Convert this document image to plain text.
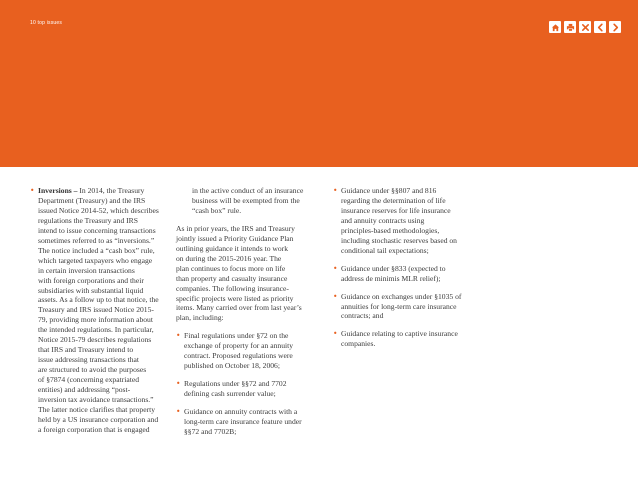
10 top issues
• Inversions – In 2014, the Treasury
Department (Treasury) and the IRS
issued Notice 2014-52, which describes
regulations the Treasury and IRS
intend to issue concerning transactions
sometimes referred to as “inversions.”
The notice included a “cash box” rule,
which targeted taxpayers who engage
in certain inversion transactions
with foreign corporations and their
subsidiaries with substantial liquid
assets. As a follow up to that notice, the
Treasury and IRS issued Notice 2015-
79, providing more information about
the intended regulations. In particular,
Notice 2015-79 describes regulations
that IRS and Treasury intend to
issue addressing transactions that
are structured to avoid the purposes
of §7874 (concerning expatriated
entities) and addressing “post-
inversion tax avoidance transactions.”
The latter notice clarifies that property
held by a US insurance corporation and
a foreign corporation that is engaged
in the active conduct of an insurance
business will be exempted from the
“cash box” rule.
As in prior years, the IRS and Treasury
jointly issued a Priority Guidance Plan
outlining guidance it intends to work
on during the 2015-2016 year. The
plan continues to focus more on life
than property and casualty insurance
companies. The following insurance-
specific projects were listed as priority
items. Many carried over from last year’s
plan, including:
• Final regulations under §72 on the
exchange of property for an annuity
contract. Proposed regulations were
published on October 18, 2006;
• Regulations under §§72 and 7702
defining cash surrender value;
• Guidance on annuity contracts with a
long-term care insurance feature under
§§72 and 7702B;
• Guidance under §§807 and 816
regarding the determination of life
insurance reserves for life insurance
and annuity contracts using
principles-based methodologies,
including stochastic reserves based on
conditional tail expectations;
• Guidance under §833 (expected to
address de minimis MLR relief);
• Guidance on exchanges under §1035 of
annuities for long-term care insurance
contracts; and
• Guidance relating to captive insurance
companies.
